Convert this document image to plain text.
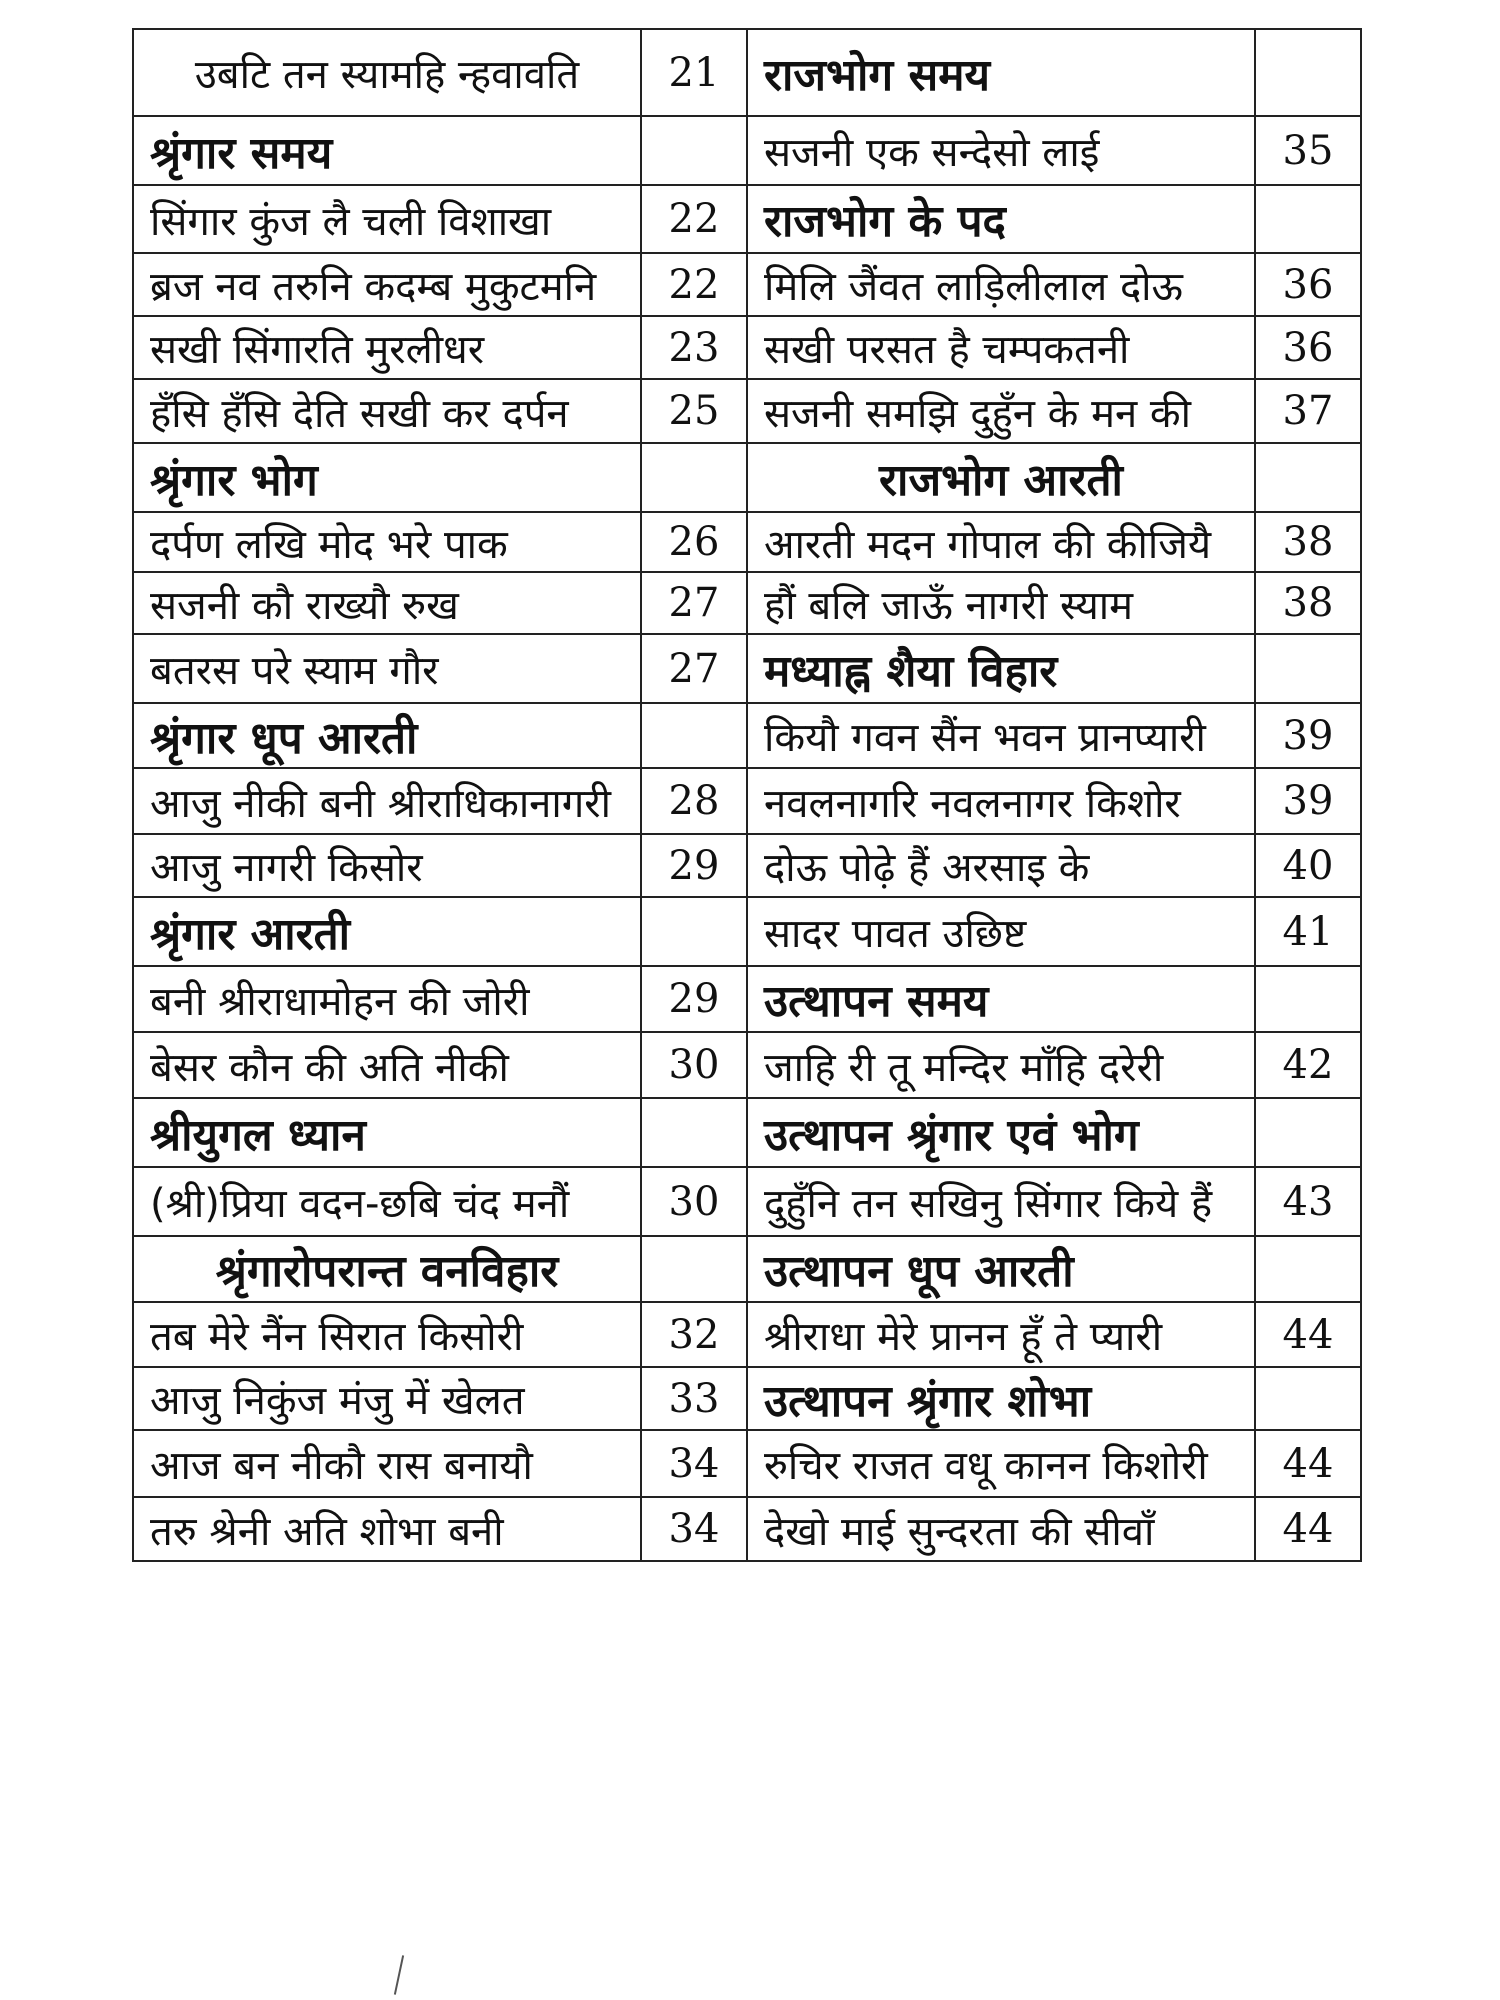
उबटि तन स्यामहि न्हवावति	21	राजभोग समय	
श्रृंगार समय		सजनी एक सन्देसो लाई	35
सिंगार कुंज लै चली विशाखा	22	राजभोग के पद	
ब्रज नव तरुनि कदम्ब मुकुटमनि	22	मिलि जैंवत लाड़िलीलाल दोऊ	36
सखी सिंगारति मुरलीधर	23	सखी परसत है चम्पकतनी	36
हँसि हँसि देति सखी कर दर्पन	25	सजनी समझि दुहुँन के मन की	37
श्रृंगार भोग		राजभोग आरती	
दर्पण लखि मोद भरे पाक	26	आरती मदन गोपाल की कीजियै	38
सजनी कौ राख्यौ रुख	27	हौं बलि जाऊँ नागरी स्याम	38
बतरस परे स्याम गौर	27	मध्याह्न शैया विहार	
श्रृंगार धूप आरती		कियौ गवन सैंन भवन प्रानप्यारी	39
आजु नीकी बनी श्रीराधिकानागरी	28	नवलनागरि नवलनागर किशोर	39
आजु नागरी किसोर	29	दोऊ पोढ़े हैं अरसाइ के	40
श्रृंगार आरती		सादर पावत उछिष्ट	41
बनी श्रीराधामोहन की जोरी	29	उत्थापन समय	
बेसर कौन की अति नीकी	30	जाहि री तू मन्दिर माँहि दरेरी	42
श्रीयुगल ध्यान		उत्थापन श्रृंगार एवं भोग	
(श्री)प्रिया वदन-छबि चंद मनौं	30	दुहुँनि तन सखिनु सिंगार किये हैं	43
श्रृंगारोपरान्त वनविहार		उत्थापन धूप आरती	
तब मेरे नैंन सिरात किसोरी	32	श्रीराधा मेरे प्रानन हूँ ते प्यारी	44
आजु निकुंज मंजु में खेलत	33	उत्थापन श्रृंगार शोभा	
आज बन नीकौ रास बनायौ	34	रुचिर राजत वधू कानन किशोरी	44
तरु श्रेनी अति शोभा बनी	34	देखो माई सुन्दरता की सीवाँ	44
